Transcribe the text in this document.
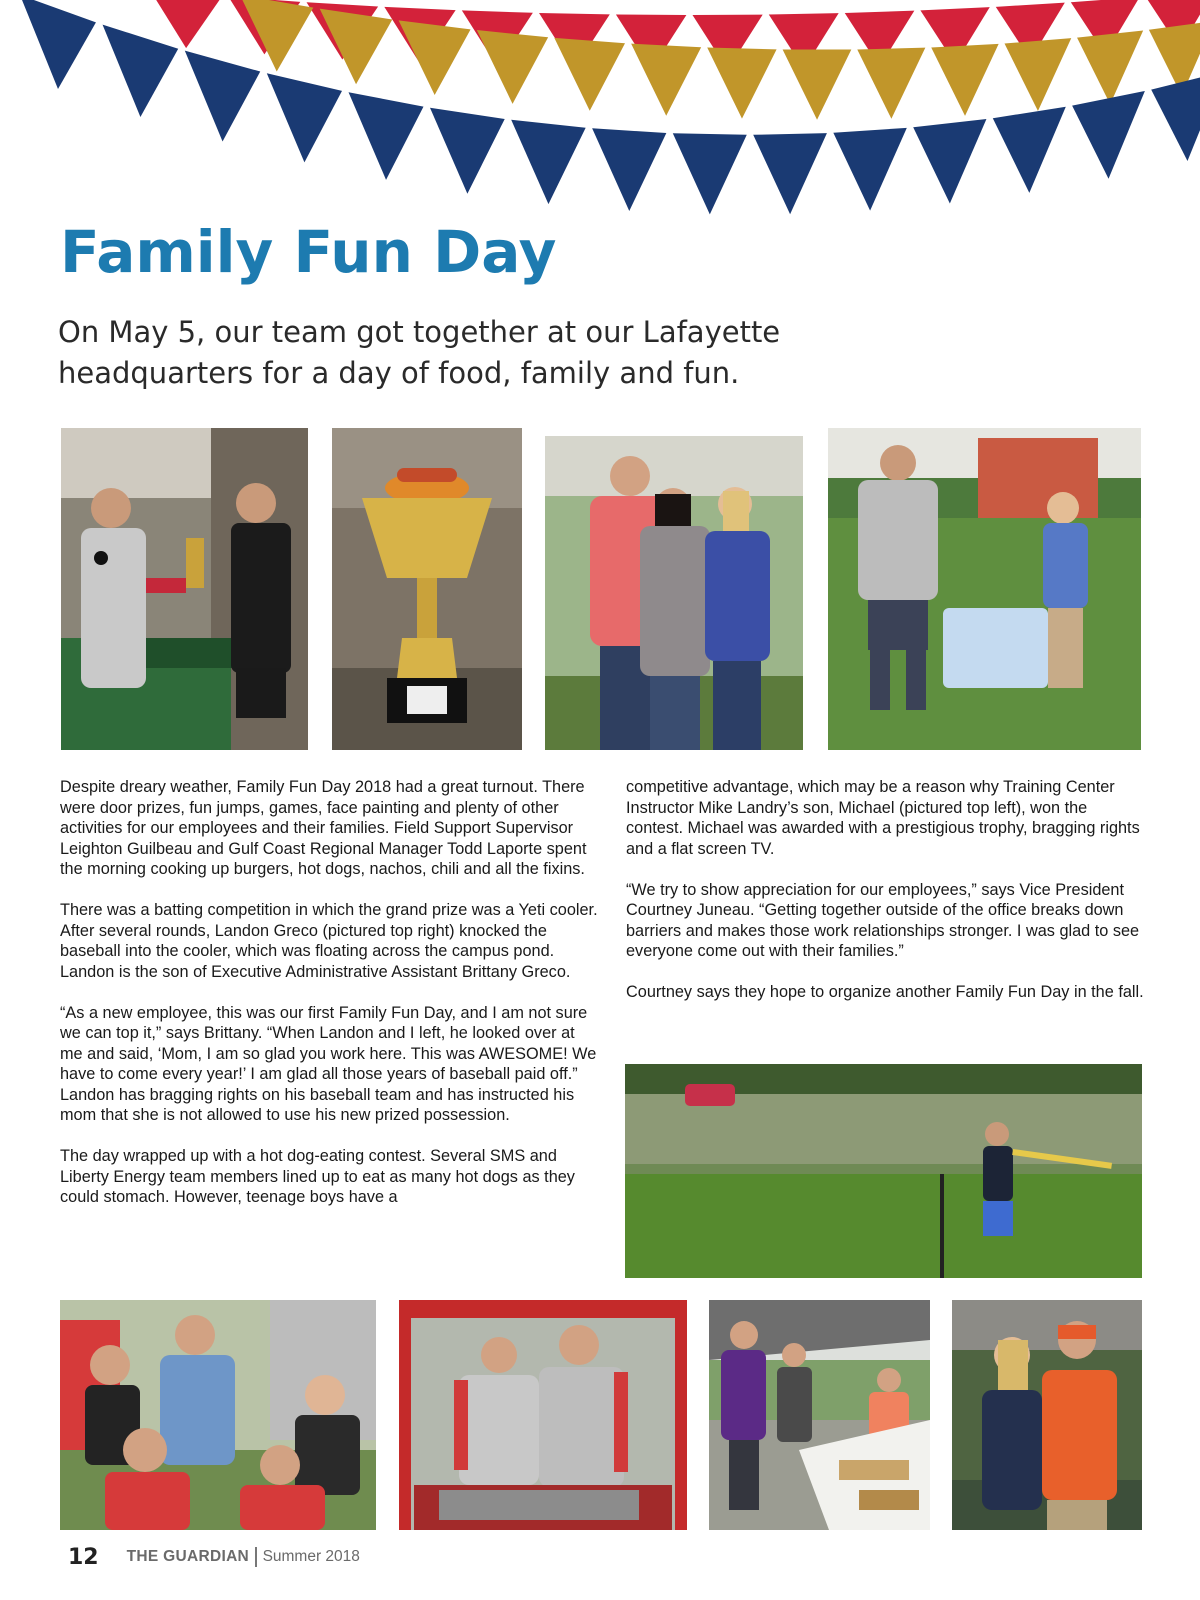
Family Fun Day
On May 5, our team got together at our Lafayette headquarters for a day of food, family and fun.

Despite dreary weather, Family Fun Day 2018 had a great turnout. There were door prizes, fun jumps, games, face painting and plenty of other activities for our employees and their families. Field Support Supervisor Leighton Guilbeau and Gulf Coast Regional Manager Todd Laporte spent the morning cooking up burgers, hot dogs, nachos, chili and all the fixins.

There was a batting competition in which the grand prize was a Yeti cooler. After several rounds, Landon Greco (pictured top right) knocked the baseball into the cooler, which was floating across the campus pond. Landon is the son of Executive Administrative Assistant Brittany Greco.

“As a new employee, this was our first Family Fun Day, and I am not sure we can top it,” says Brittany. “When Landon and I left, he looked over at me and said, ‘Mom, I am so glad you work here. This was AWESOME! We have to come every year!’ I am glad all those years of baseball paid off.” Landon has bragging rights on his baseball team and has instructed his mom that she is not allowed to use his new prized possession.

The day wrapped up with a hot dog-eating contest. Several SMS and Liberty Energy team members lined up to eat as many hot dogs as they could stomach. However, teenage boys have a

competitive advantage, which may be a reason why Training Center Instructor Mike Landry’s son, Michael (pictured top left), won the contest. Michael was awarded with a prestigious trophy, bragging rights and a flat screen TV.

“We try to show appreciation for our employees,” says Vice President Courtney Juneau. “Getting together outside of the office breaks down barriers and makes those work relationships stronger. I was glad to see everyone come out with their families.”

Courtney says they hope to organize another Family Fun Day in the fall.

12 THE GUARDIAN Summer 2018
